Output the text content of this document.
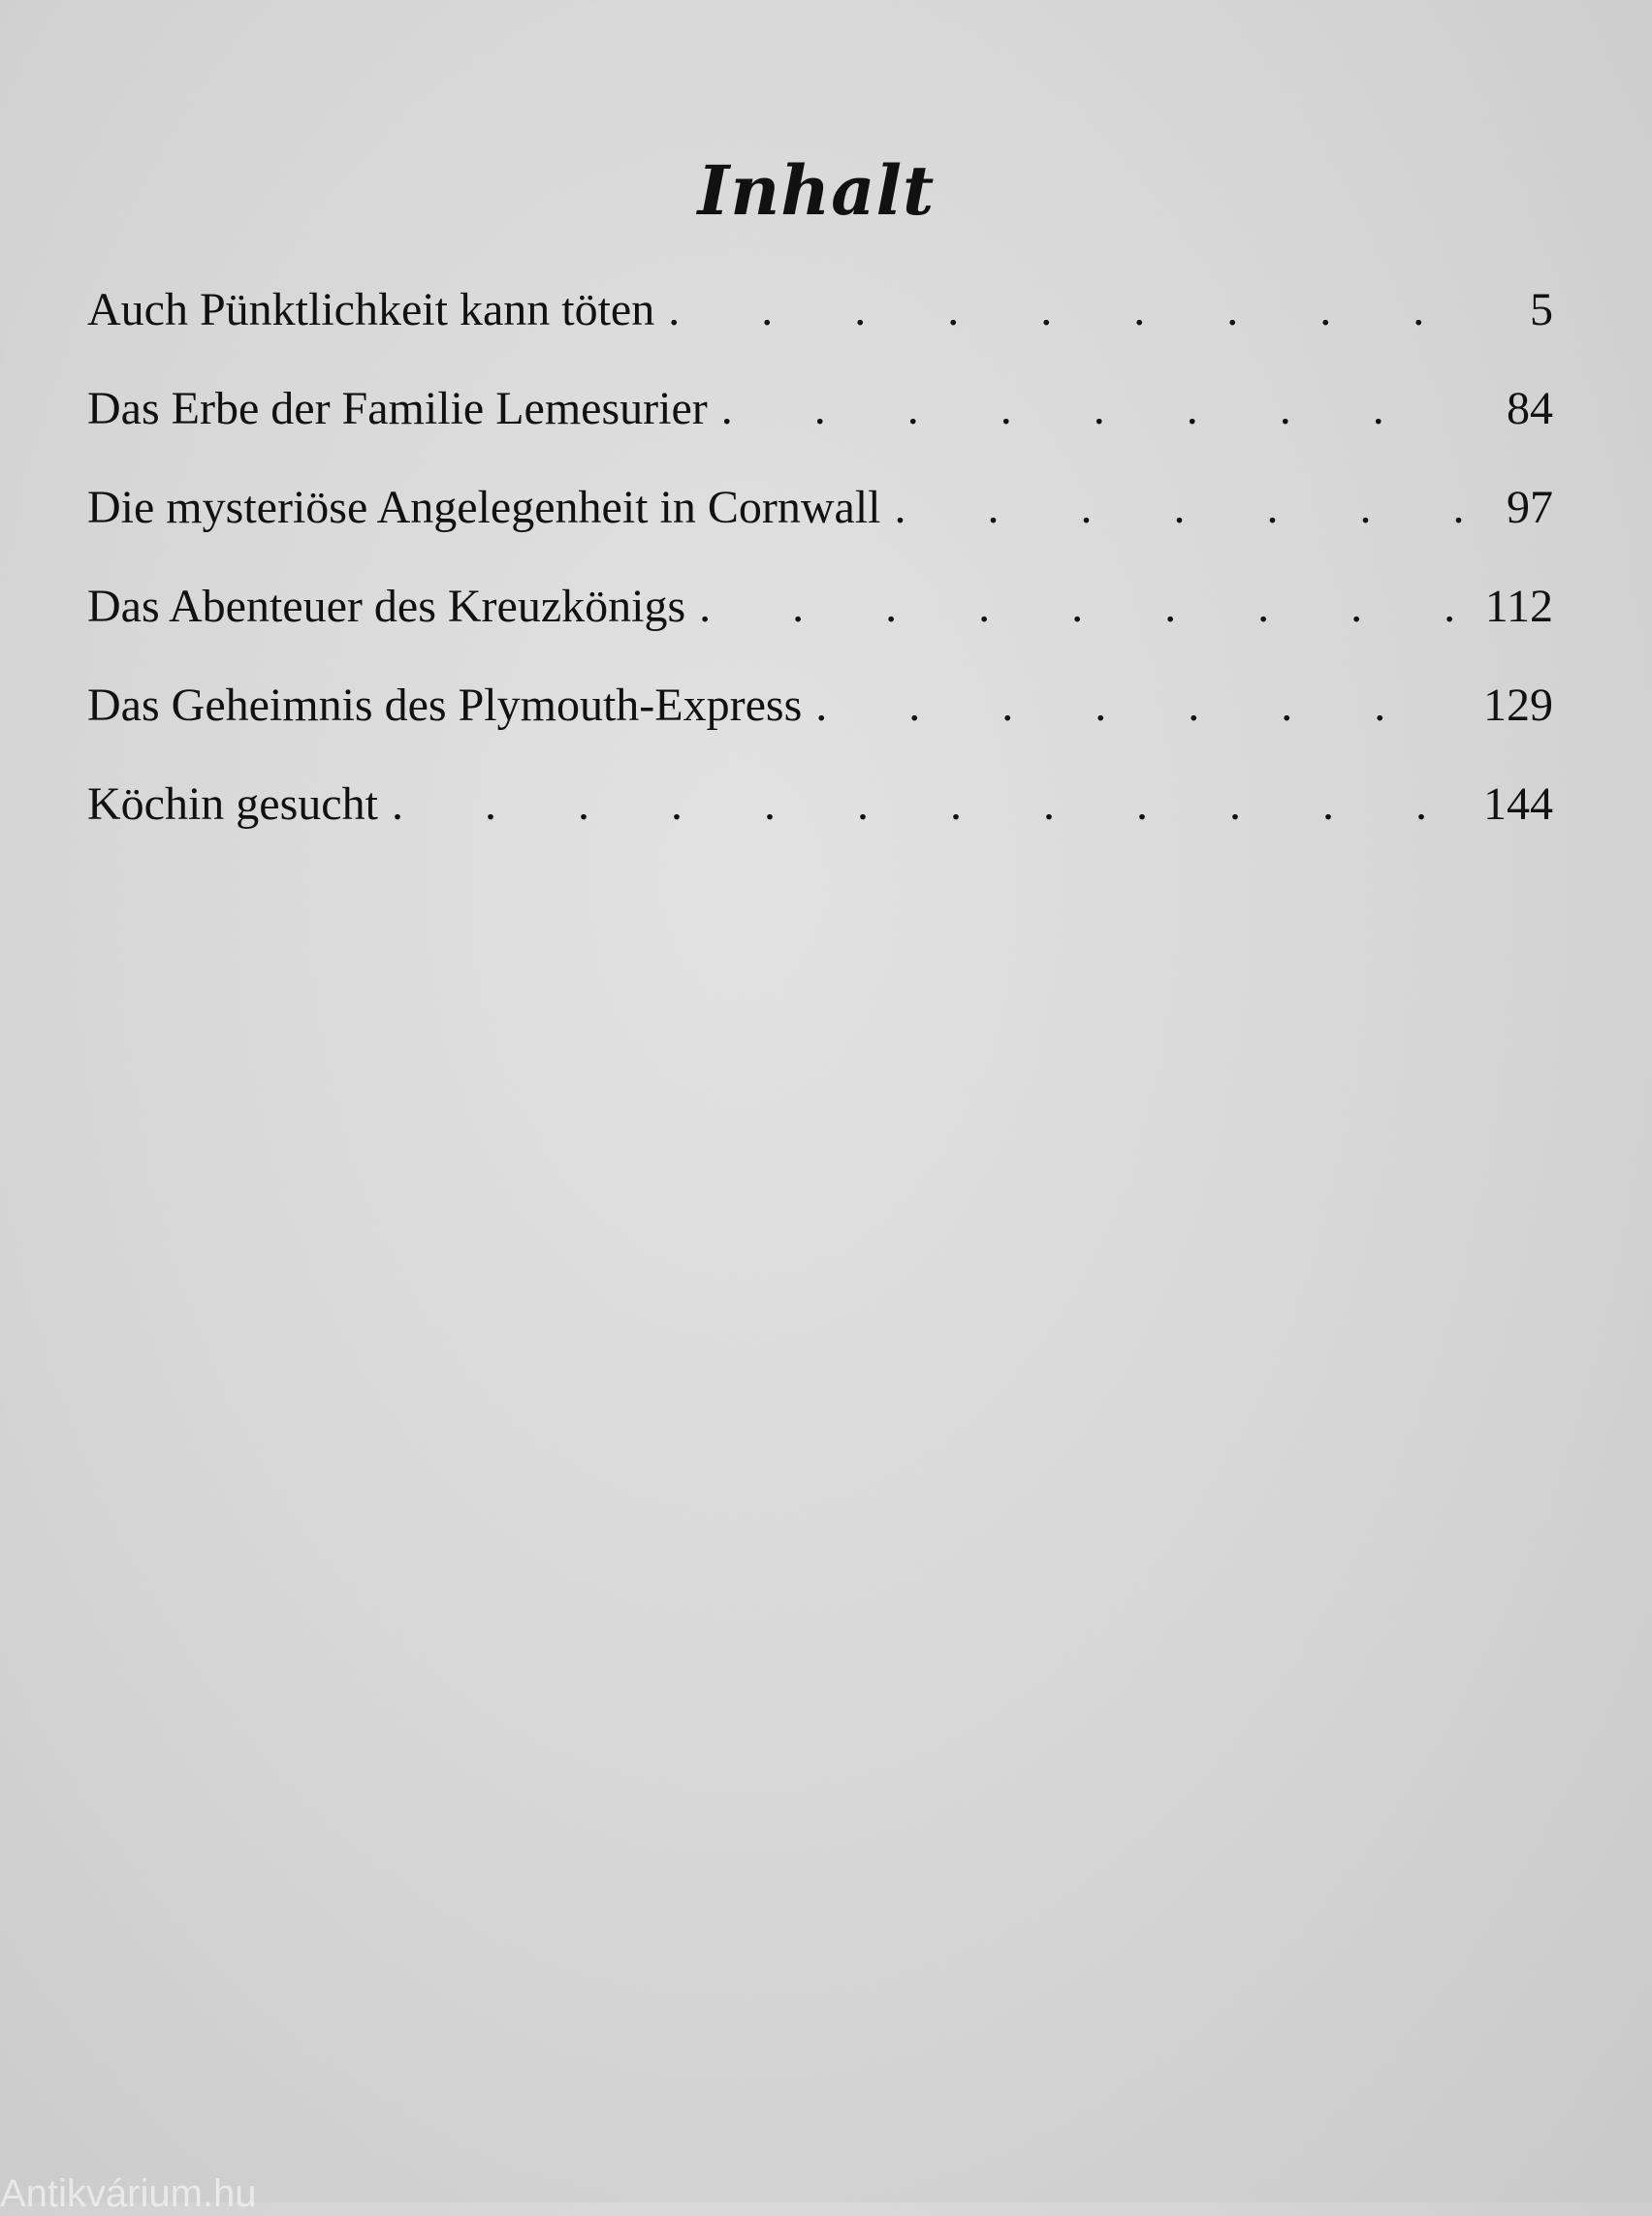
Inhalt
Auch Pünktlichkeit kann töten .	5
Das Erbe der Familie Lemesurier .	84
Die mysteriöse Angelegenheit in Cornwall .	97
Das Abenteuer des Kreuzkönigs .	112
Das Geheimnis des Plymouth-Express .	129
Köchin gesucht .	144
Antikvárium.hu
